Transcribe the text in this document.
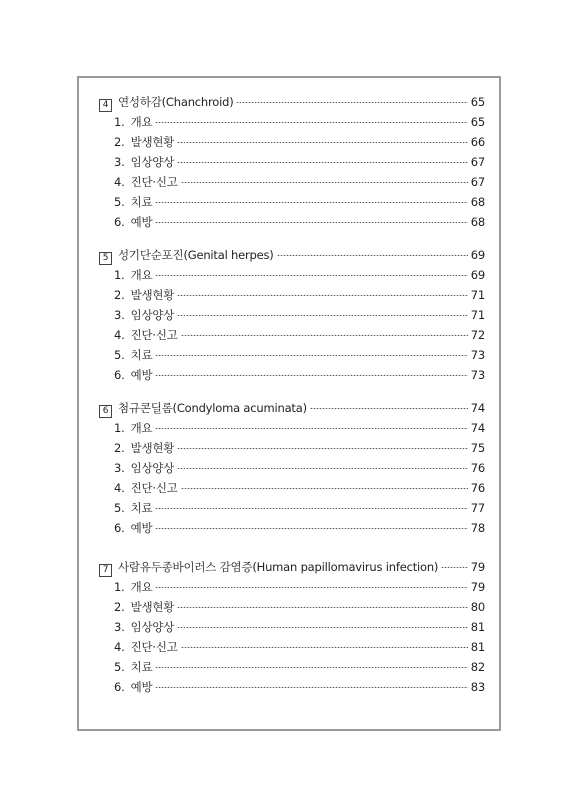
4 연성하감(Chanchroid)	65
1. 개요	65
2. 발생현황	66
3. 임상양상	67
4. 진단·신고	67
5. 치료	68
6. 예방	68
5 성기단순포진(Genital herpes)	69
1. 개요	69
2. 발생현황	71
3. 임상양상	71
4. 진단·신고	72
5. 치료	73
6. 예방	73
6 첨규콘딜롬(Condyloma acuminata)	74
1. 개요	74
2. 발생현황	75
3. 임상양상	76
4. 진단·신고	76
5. 치료	77
6. 예방	78
7 사람유두종바이러스 감염증(Human papillomavirus infection)	79
1. 개요	79
2. 발생현황	80
3. 임상양상	81
4. 진단·신고	81
5. 치료	82
6. 예방	83
